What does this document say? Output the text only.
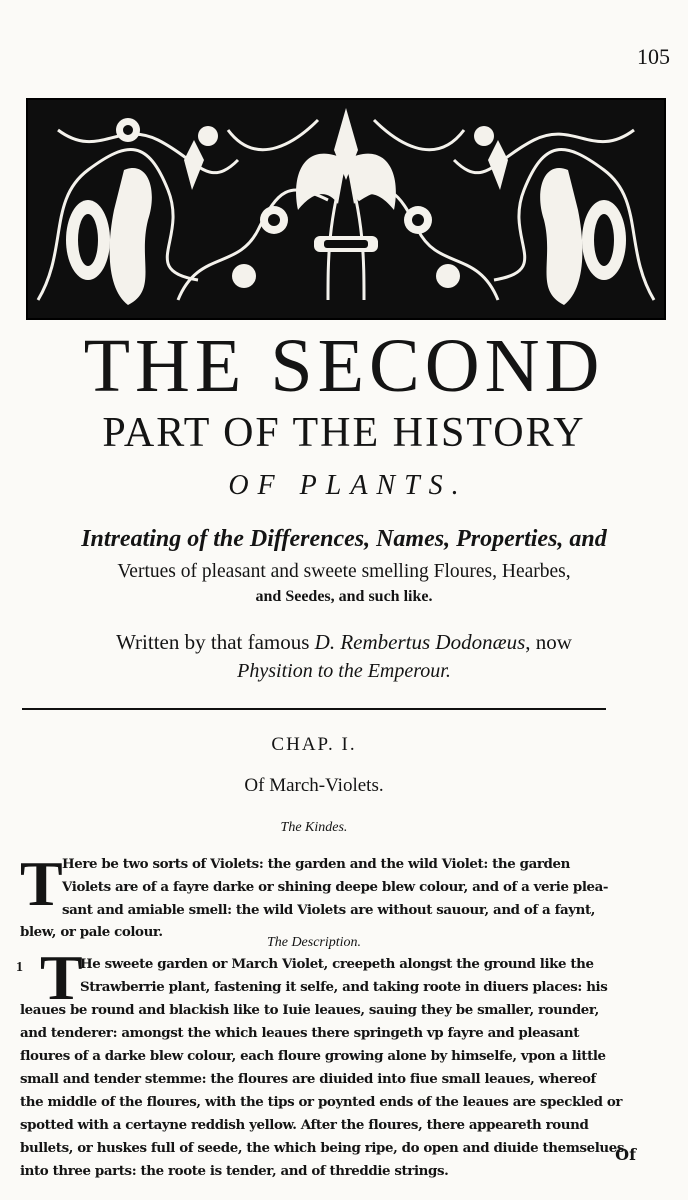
105
THE SECOND
PART OF THE HISTORY
OF PLANTS.
Intreating of the Differences, Names, Properties, and
Vertues of pleasant and sweete smelling Floures, Hearbes,
and Seedes, and such like.
Written by that famous D. Rembertus Dodonæus, now
Physition to the Emperour.
CHAP. I.
Of March-Violets.
The Kindes.
T Here be two sorts of Violets: the garden and the wild Violet: the garden
Violets are of a fayre darke or shining deepe blew colour, and of a verie plea-
sant and amiable smell: the wild Violets are without sauour, and of a faynt,
blew, or pale colour.
The Description.
1 T
He sweete garden or March Violet, creepeth alongst the ground like the
Strawberrie plant, fastening it selfe, and taking roote in diuers places: his
leaues be round and blackish like to Iuie leaues, sauing they be smaller, rounder,
and tenderer: amongst the which leaues there springeth vp fayre and pleasant
floures of a darke blew colour, each floure growing alone by himselfe, vpon a little
small and tender stemme: the floures are diuided into fiue small leaues, whereof
the middle of the floures, with the tips or poynted ends of the leaues are speckled or
spotted with a certayne reddish yellow. After the floures, there appeareth round
bullets, or huskes full of seede, the which being ripe, do open and diuide themselues
into three parts: the roote is tender, and of threddie strings.
Of
